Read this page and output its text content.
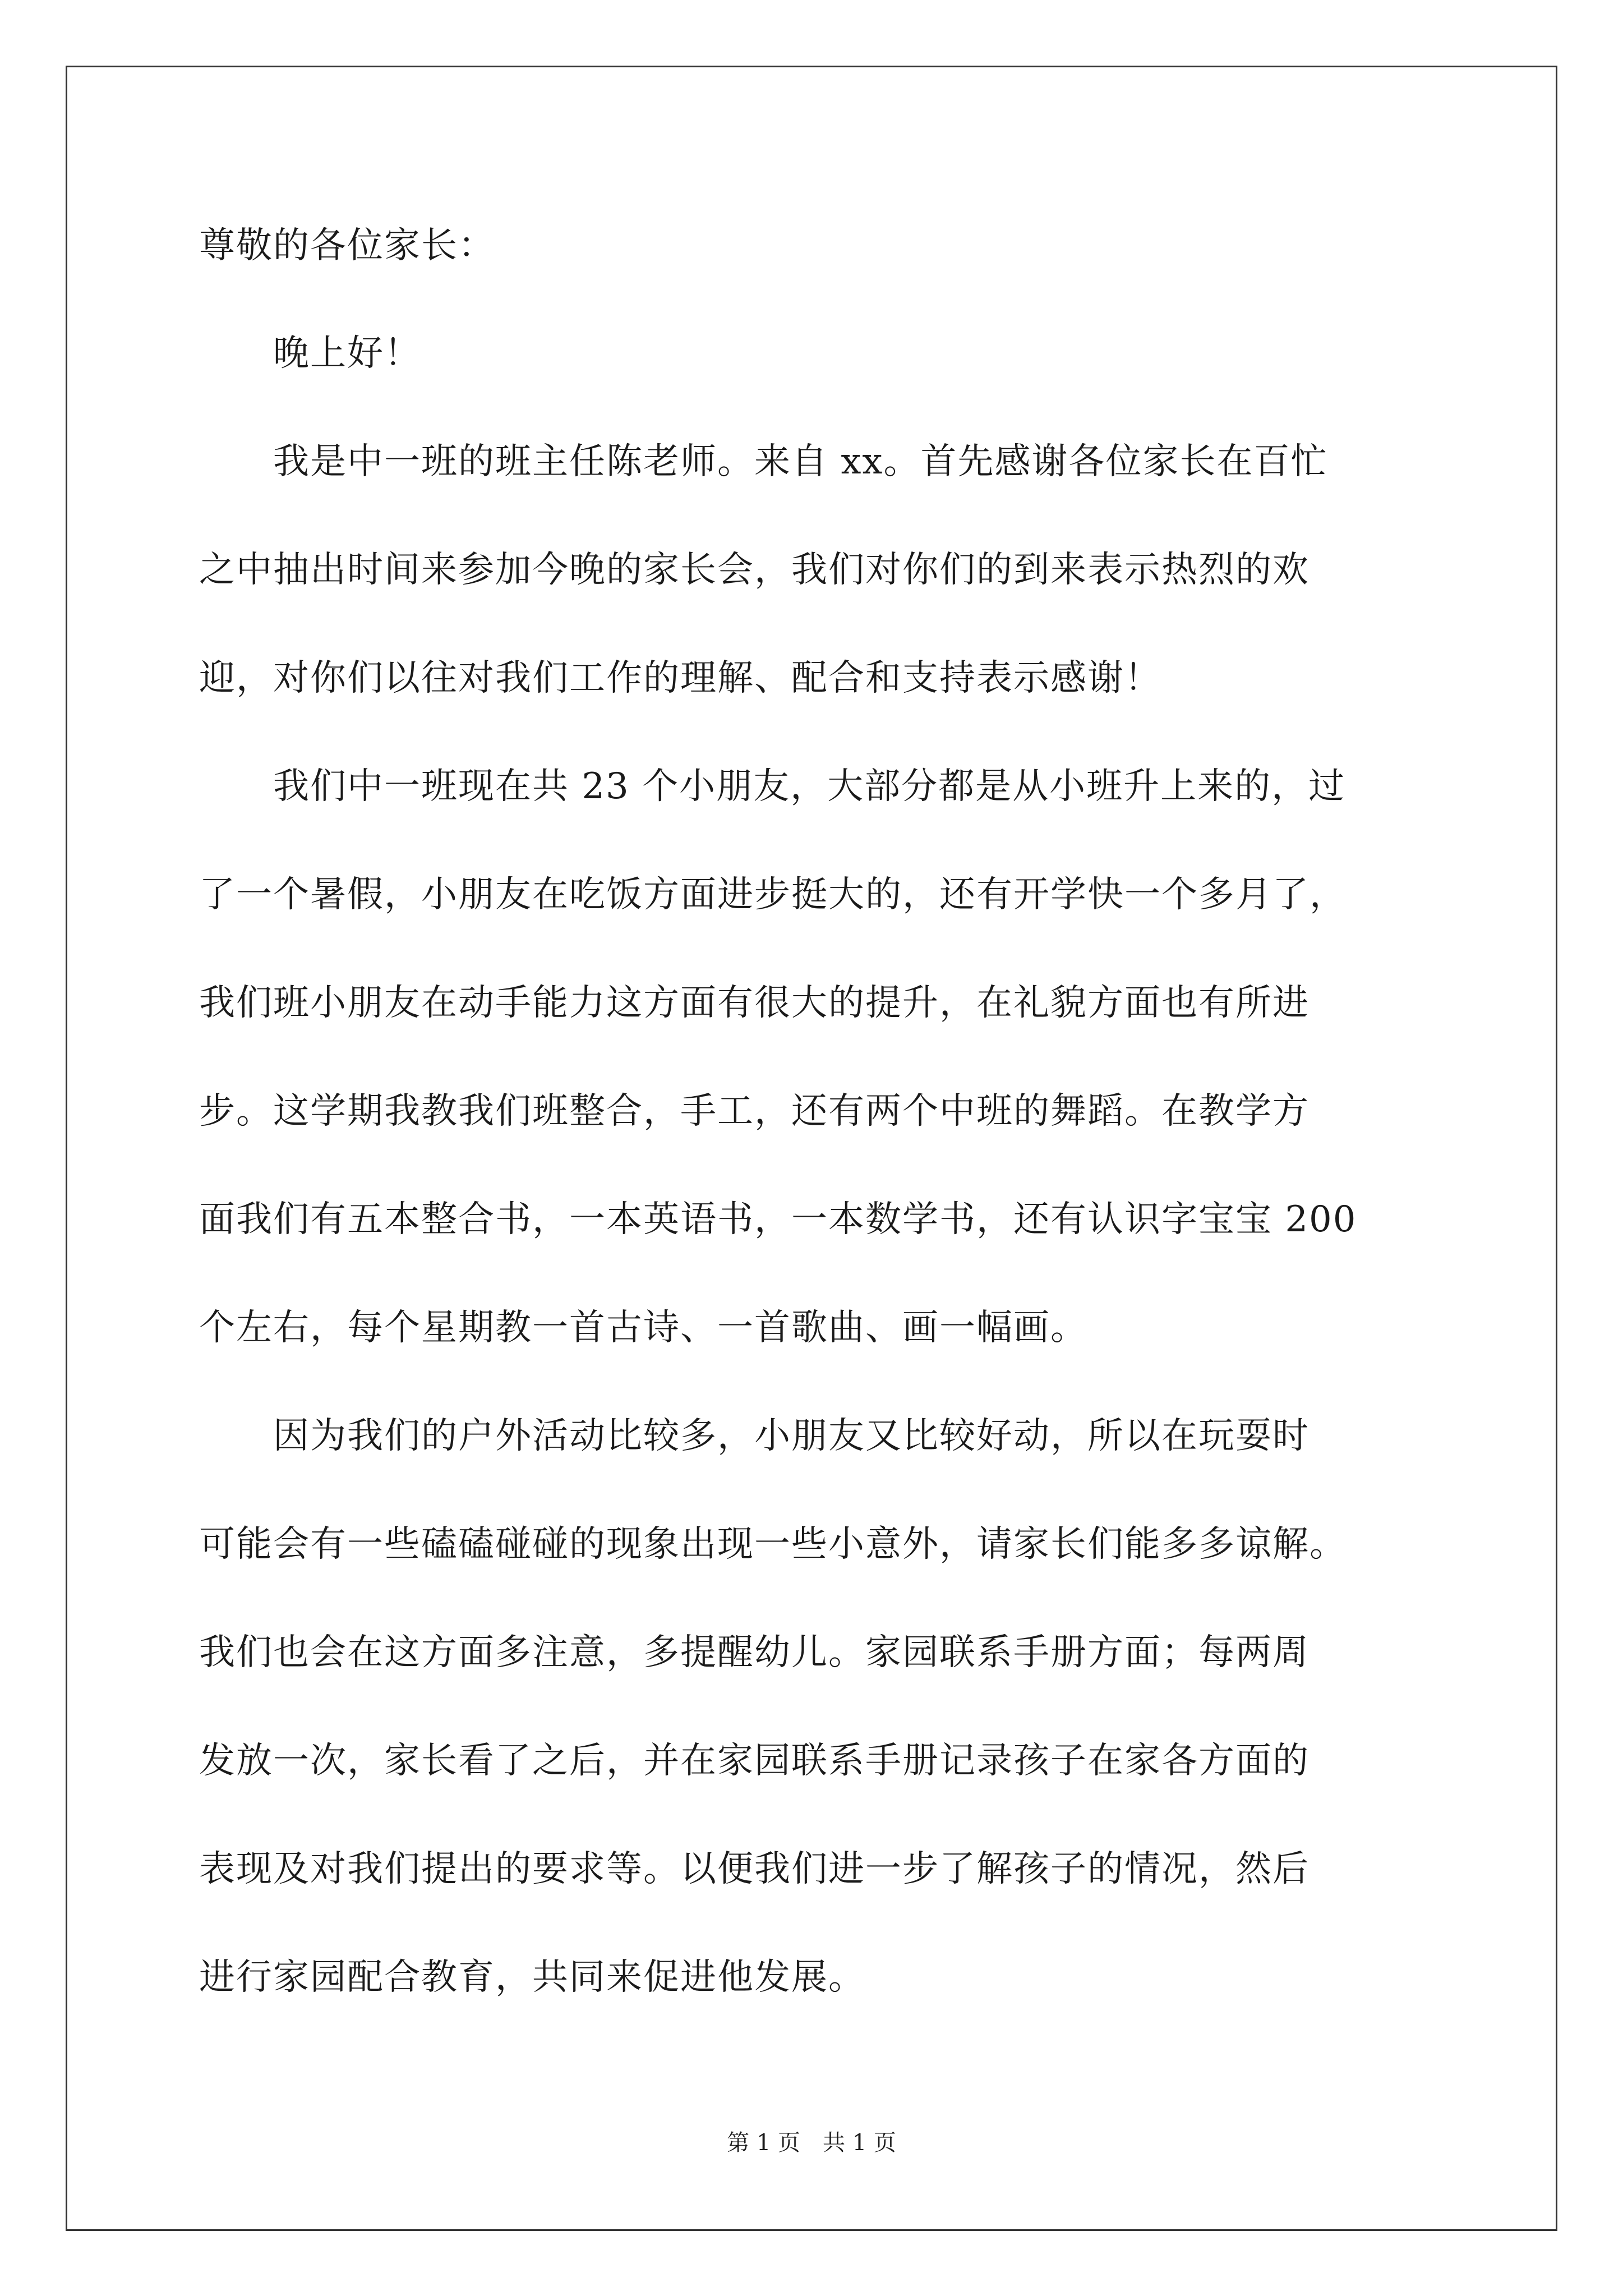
尊敬的各位家长：
　　晚上好！
　　我是中一班的班主任陈老师。来自 xx。首先感谢各位家长在百忙
之中抽出时间来参加今晚的家长会，我们对你们的到来表示热烈的欢
迎，对你们以往对我们工作的理解、配合和支持表示感谢！
　　我们中一班现在共 23 个小朋友，大部分都是从小班升上来的，过
了一个暑假，小朋友在吃饭方面进步挺大的，还有开学快一个多月了，
我们班小朋友在动手能力这方面有很大的提升，在礼貌方面也有所进
步。这学期我教我们班整合，手工，还有两个中班的舞蹈。在教学方
面我们有五本整合书，一本英语书，一本数学书，还有认识字宝宝 200
个左右，每个星期教一首古诗、一首歌曲、画一幅画。
　　因为我们的户外活动比较多，小朋友又比较好动，所以在玩耍时
可能会有一些磕磕碰碰的现象出现一些小意外，请家长们能多多谅解。
我们也会在这方面多注意，多提醒幼儿。家园联系手册方面；每两周
发放一次，家长看了之后，并在家园联系手册记录孩子在家各方面的
表现及对我们提出的要求等。以便我们进一步了解孩子的情况，然后
进行家园配合教育，共同来促进他发展。
第 1 页　共 1 页
